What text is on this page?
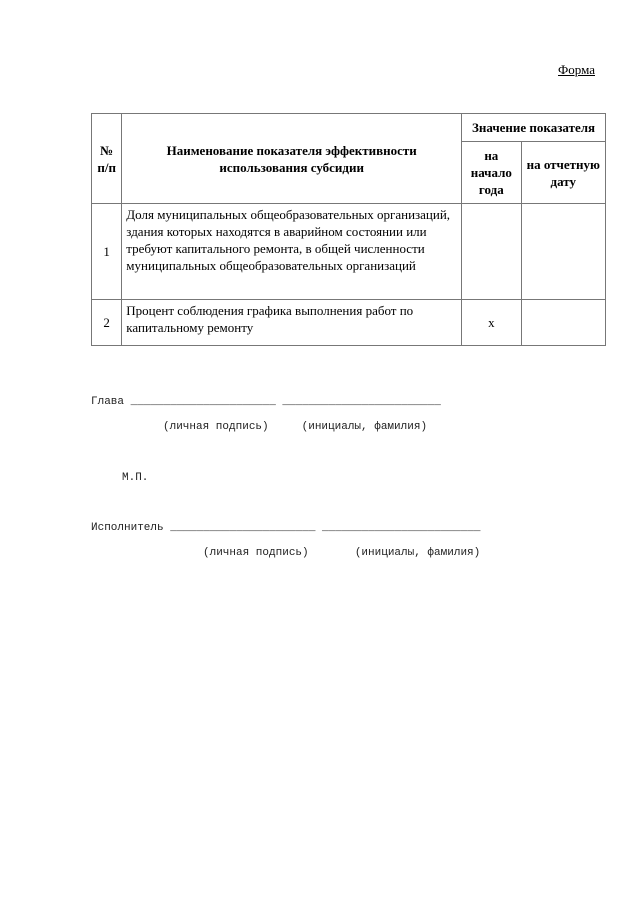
Форма
№ п/п	Наименование показателя эффективности использования субсидии	Значение показателя	
		на начало года	на отчетную дату
1	Доля муниципальных общеобразовательных организаций, здания которых находятся в аварийном состоянии или требуют капитального ремонта, в общей численности муниципальных общеобразовательных организаций		
2	Процент соблюдения графика выполнения работ по капитальному ремонту	x	
Глава ______________________ ________________________
(личная подпись)     (инициалы, фамилия)
М.П.
Исполнитель ______________________ ________________________
(личная подпись)       (инициалы, фамилия)
